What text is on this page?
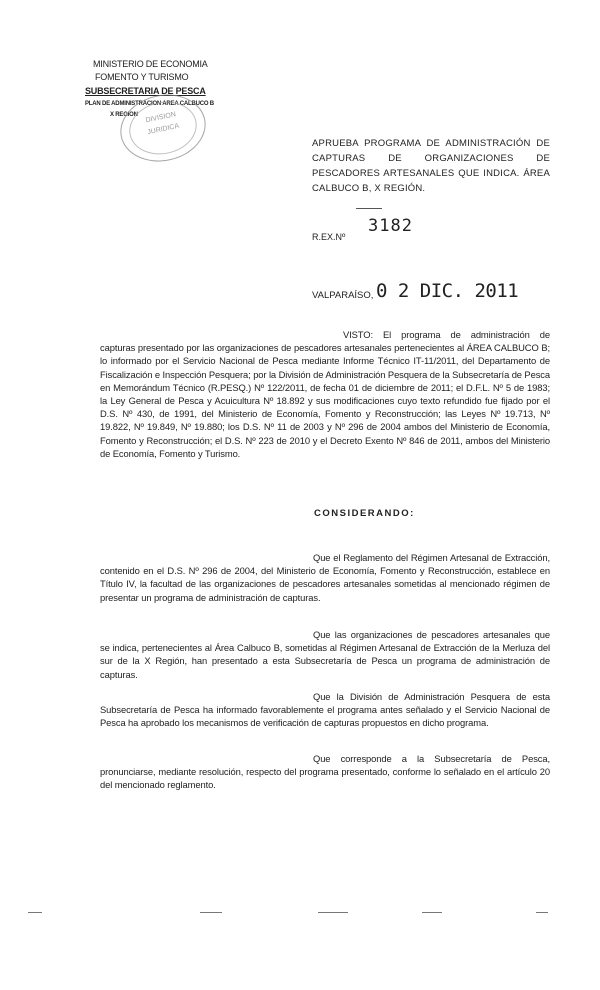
MINISTERIO DE ECONOMIA
FOMENTO Y TURISMO
SUBSECRETARIA DE PESCA
PLAN DE ADMINISTRACION AREA CALBUCO B
X REGION	DIVISION
JURIDICA
APRUEBA PROGRAMA DE ADMINISTRACIÓN DE CAPTURAS DE ORGANIZACIONES DE PESCADORES ARTESANALES QUE INDICA. ÁREA CALBUCO B, X REGIÓN.
R.EX.Nº
3182
VALPARAÍSO, 0 2 DIC. 2011
VISTO: El programa de administración de capturas presentado por las organizaciones de pescadores artesanales pertenecientes al ÁREA CALBUCO B; lo informado por el Servicio Nacional de Pesca mediante Informe Técnico IT-11/2011, del Departamento de Fiscalización e Inspección Pesquera; por la División de Administración Pesquera de la Subsecretaría de Pesca en Memorándum Técnico (R.PESQ.) Nº 122/2011, de fecha 01 de diciembre de 2011; el D.F.L. Nº 5 de 1983; la Ley General de Pesca y Acuicultura Nº 18.892 y sus modificaciones cuyo texto refundido fue fijado por el D.S. Nº 430, de 1991, del Ministerio de Economía, Fomento y Reconstrucción; las Leyes Nº 19.713, Nº 19.822, Nº 19.849, Nº 19.880; los D.S. Nº 11 de 2003 y Nº 296 de 2004 ambos del Ministerio de Economía, Fomento y Reconstrucción; el D.S. Nº 223 de 2010 y el Decreto Exento Nº 846 de 2011, ambos del Ministerio de Economía, Fomento y Turismo.
CONSIDERANDO:
Que el Reglamento del Régimen Artesanal de Extracción, contenido en el D.S. Nº 296 de 2004, del Ministerio de Economía, Fomento y Reconstrucción, establece en Título IV, la facultad de las organizaciones de pescadores artesanales sometidas al mencionado régimen de presentar un programa de administración de capturas.
Que las organizaciones de pescadores artesanales que se indica, pertenecientes al Área Calbuco B, sometidas al Régimen Artesanal de Extracción de la Merluza del sur de la X Región, han presentado a esta Subsecretaría de Pesca un programa de administración de capturas.
Que la División de Administración Pesquera de esta Subsecretaría de Pesca ha informado favorablemente el programa antes señalado y el Servicio Nacional de Pesca ha aprobado los mecanismos de verificación de capturas propuestos en dicho programa.
Que corresponde a la Subsecretaría de Pesca, pronunciarse, mediante resolución, respecto del programa presentado, conforme lo señalado en el artículo 20 del mencionado reglamento.
